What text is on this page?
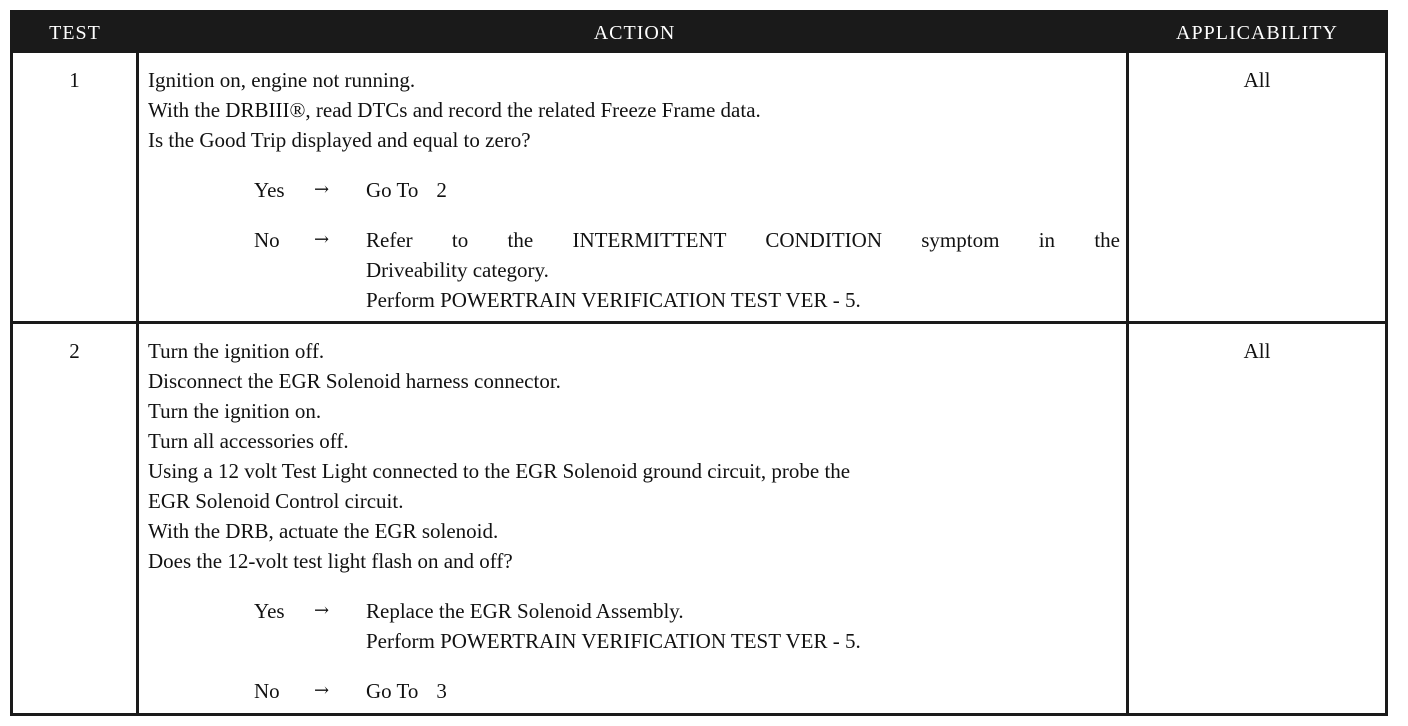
TEST	ACTION	APPLICABILITY
1	Ignition on, engine not running.
With the DRBIII®, read DTCs and record the related Freeze Frame data.
Is the Good Trip displayed and equal to zero?
Yes	→	Go To 2
No	→	Refer to the INTERMITTENT CONDITION symptom in the
Driveability category.
Perform POWERTRAIN VERIFICATION TEST VER - 5.
All
2	Turn the ignition off.
Disconnect the EGR Solenoid harness connector.
Turn the ignition on.
Turn all accessories off.
Using a 12 volt Test Light connected to the EGR Solenoid ground circuit, probe the
EGR Solenoid Control circuit.
With the DRB, actuate the EGR solenoid.
Does the 12-volt test light flash on and off?
Yes	→	Replace the EGR Solenoid Assembly.
Perform POWERTRAIN VERIFICATION TEST VER - 5.
No	→	Go To 3
All
